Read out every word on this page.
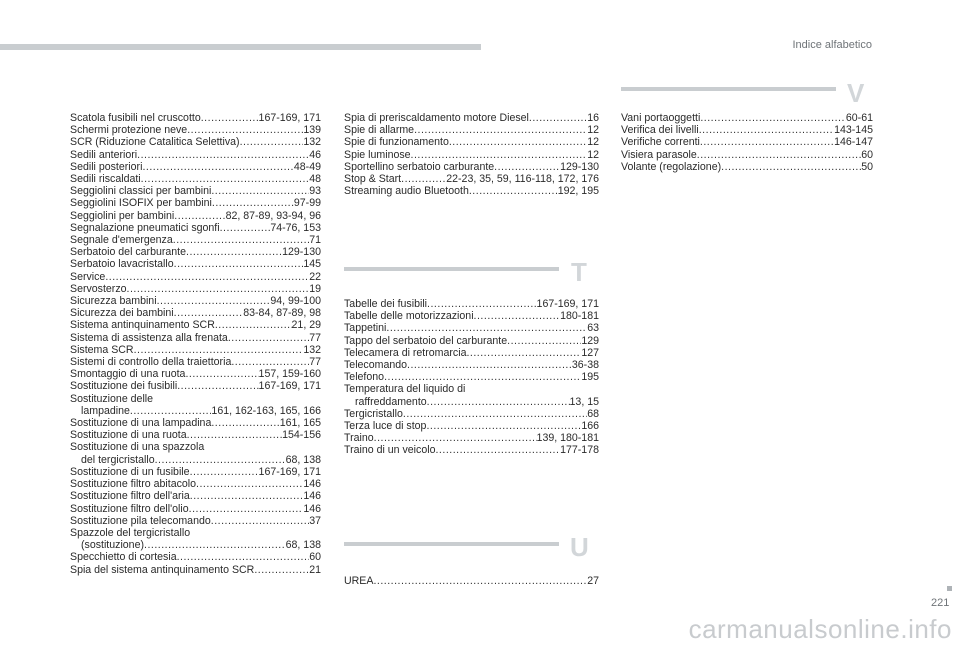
Indice alfabetico
Scatola fusibili nel cruscotto .....	167-169, 171
Schermi protezione neve .....	139
SCR (Riduzione Catalitica Selettiva) .....	132
Sedili anteriori .....	46
Sedili posteriori .....	48-49
Sedili riscaldati .....	48
Seggiolini classici per bambini .....	93
Seggiolini ISOFIX per bambini .....	97-99
Seggiolini per bambini .....	82, 87-89, 93-94, 96
Segnalazione pneumatici sgonfi .....	74-76, 153
Segnale d'emergenza .....	71
Serbatoio del carburante .....	129-130
Serbatoio lavacristallo .....	145
Service .....	22
Servosterzo .....	19
Sicurezza bambini .....	94, 99-100
Sicurezza dei bambini .....	83-84, 87-89, 98
Sistema antinquinamento SCR .....	21, 29
Sistema di assistenza alla frenata .....	77
Sistema SCR .....	132
Sistemi di controllo della traiettoria .....	77
Smontaggio di una ruota .....	157, 159-160
Sostituzione dei fusibili .....	167-169, 171
Sostituzione delle
lampadine .....	161, 162-163, 165, 166
Sostituzione di una lampadina .....	161, 165
Sostituzione di una ruota .....	154-156
Sostituzione di una spazzola
del tergicristallo .....	68, 138
Sostituzione di un fusibile .....	167-169, 171
Sostituzione filtro abitacolo .....	146
Sostituzione filtro dell'aria .....	146
Sostituzione filtro dell'olio .....	146
Sostituzione pila telecomando .....	37
Spazzole del tergicristallo
(sostituzione) .....	68, 138
Specchietto di cortesia .....	60
Spia del sistema antinquinamento SCR .....	21
Spia di preriscaldamento motore Diesel .....	16
Spie di allarme .....	12
Spie di funzionamento .....	12
Spie luminose .....	12
Sportellino serbatoio carburante .....	129-130
Stop & Start .....	22-23, 35, 59, 116-118, 172, 176
Streaming audio Bluetooth .....	192, 195
T
Tabelle dei fusibili .....	167-169, 171
Tabelle delle motorizzazioni .....	180-181
Tappetini .....	63
Tappo del serbatoio del carburante .....	129
Telecamera di retromarcia .....	127
Telecomando .....	36-38
Telefono .....	195
Temperatura del liquido di
raffreddamento .....	13, 15
Tergicristallo .....	68
Terza luce di stop .....	166
Traino .....	139, 180-181
Traino di un veicolo .....	177-178
U
UREA .....	27
V
Vani portaoggetti .....	60-61
Verifica dei livelli .....	143-145
Verifiche correnti .....	146-147
Visiera parasole .....	60
Volante (regolazione) .....	50
221
carmanualsonline.info
